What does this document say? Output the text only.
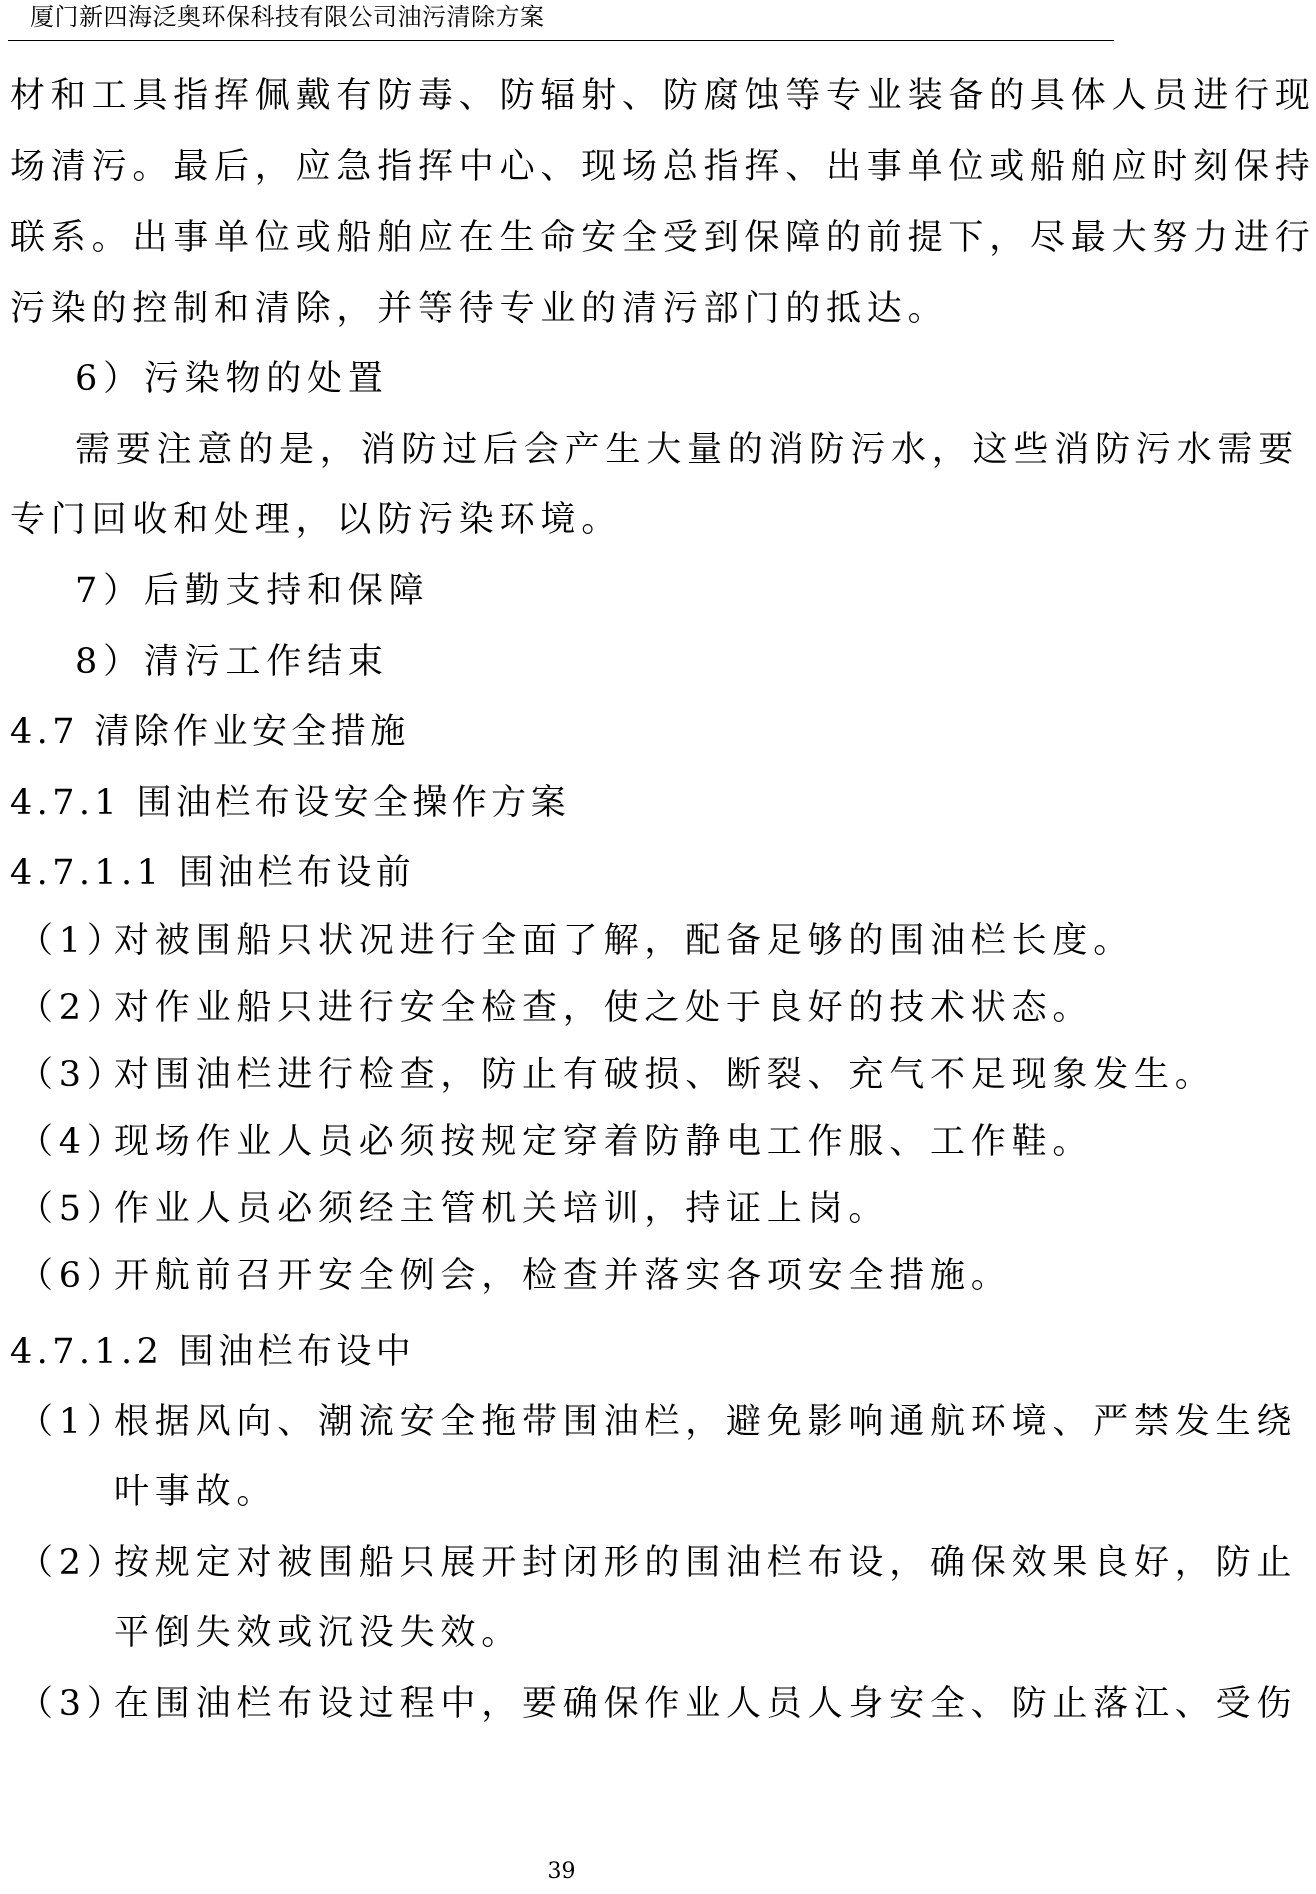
厦门新四海泛奥环保科技有限公司油污清除方案
材和工具指挥佩戴有防毒、防辐射、防腐蚀等专业装备的具体人员进行现
场清污。最后，应急指挥中心、现场总指挥、出事单位或船舶应时刻保持
联系。出事单位或船舶应在生命安全受到保障的前提下，尽最大努力进行
污染的控制和清除，并等待专业的清污部门的抵达。
6）污染物的处置
需要注意的是，消防过后会产生大量的消防污水，这些消防污水需要
专门回收和处理，以防污染环境。
7）后勤支持和保障
8）清污工作结束
4.7 清除作业安全措施
4.7.1 围油栏布设安全操作方案
4.7.1.1 围油栏布设前
（1）
对被围船只状况进行全面了解，配备足够的围油栏长度。
（2）
对作业船只进行安全检查，使之处于良好的技术状态。
（3）
对围油栏进行检查，防止有破损、断裂、充气不足现象发生。
（4）
现场作业人员必须按规定穿着防静电工作服、工作鞋。
（5）
作业人员必须经主管机关培训，持证上岗。
（6）
开航前召开安全例会，检查并落实各项安全措施。
4.7.1.2 围油栏布设中
（1）
根据风向、潮流安全拖带围油栏，避免影响通航环境、严禁发生绕
叶事故。
（2）
按规定对被围船只展开封闭形的围油栏布设，确保效果良好，防止
平倒失效或沉没失效。
（3）
在围油栏布设过程中，要确保作业人员人身安全、防止落江、受伤
39
